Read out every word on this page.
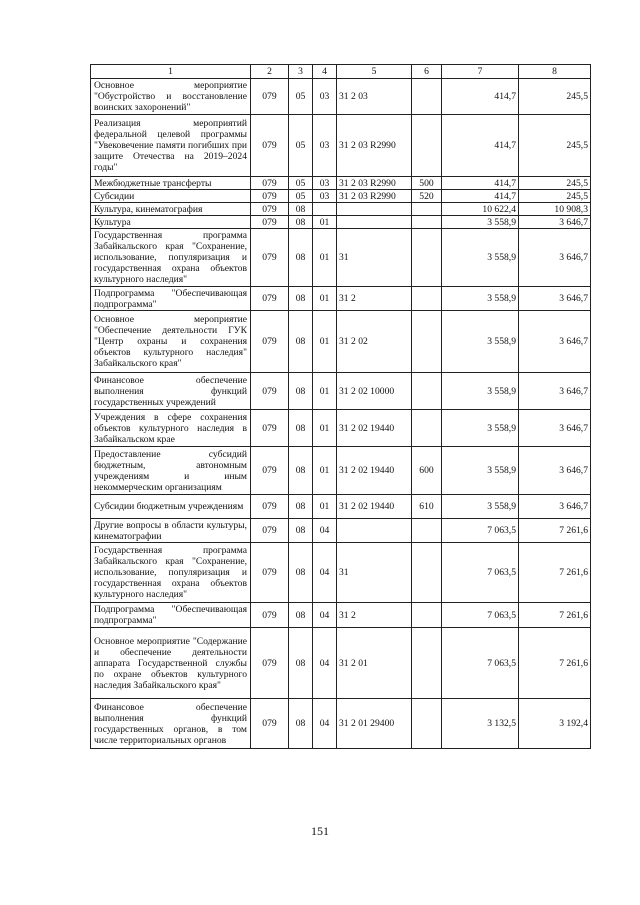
1	2	3	4	5	6	7	8
Основное мероприятие "Обустройство и восстановление воинских захоронений"	079	05	03	31 2 03		414,7	245,5
Реализация мероприятий федеральной целевой программы "Увековечение памяти погибших при защите Отечества на 2019–2024 годы"	079	05	03	31 2 03 R2990		414,7	245,5
Межбюджетные трансферты	079	05	03	31 2 03 R2990	500	414,7	245,5
Субсидии	079	05	03	31 2 03 R2990	520	414,7	245,5
Культура, кинематография	079	08				10 622,4	10 908,3
Культура	079	08	01			3 558,9	3 646,7
Государственная программа Забайкальского края "Сохранение, использование, популяризация и государственная охрана объектов культурного наследия"	079	08	01	31		3 558,9	3 646,7
Подпрограмма "Обеспечивающая подпрограмма"	079	08	01	31 2		3 558,9	3 646,7
Основное мероприятие "Обеспечение деятельности ГУК "Центр охраны и сохранения объектов культурного наследия" Забайкальского края"	079	08	01	31 2 02		3 558,9	3 646,7
Финансовое обеспечение выполнения функций государственных учреждений	079	08	01	31 2 02 10000		3 558,9	3 646,7
Учреждения в сфере сохранения объектов культурного наследия в Забайкальском крае	079	08	01	31 2 02 19440		3 558,9	3 646,7
Предоставление субсидий бюджетным, автономным учреждениям и иным некоммерческим организациям	079	08	01	31 2 02 19440	600	3 558,9	3 646,7
Субсидии бюджетным учреждениям	079	08	01	31 2 02 19440	610	3 558,9	3 646,7
Другие вопросы в области культуры, кинематографии	079	08	04			7 063,5	7 261,6
Государственная программа Забайкальского края "Сохранение, использование, популяризация и государственная охрана объектов культурного наследия"	079	08	04	31		7 063,5	7 261,6
Подпрограмма "Обеспечивающая подпрограмма"	079	08	04	31 2		7 063,5	7 261,6
Основное мероприятие "Содержание и обеспечение деятельности аппарата Государственной службы по охране объектов культурного наследия Забайкальского края"	079	08	04	31 2 01		7 063,5	7 261,6
Финансовое обеспечение выполнения функций государственных органов, в том числе территориальных органов	079	08	04	31 2 01 29400		3 132,5	3 192,4
151
